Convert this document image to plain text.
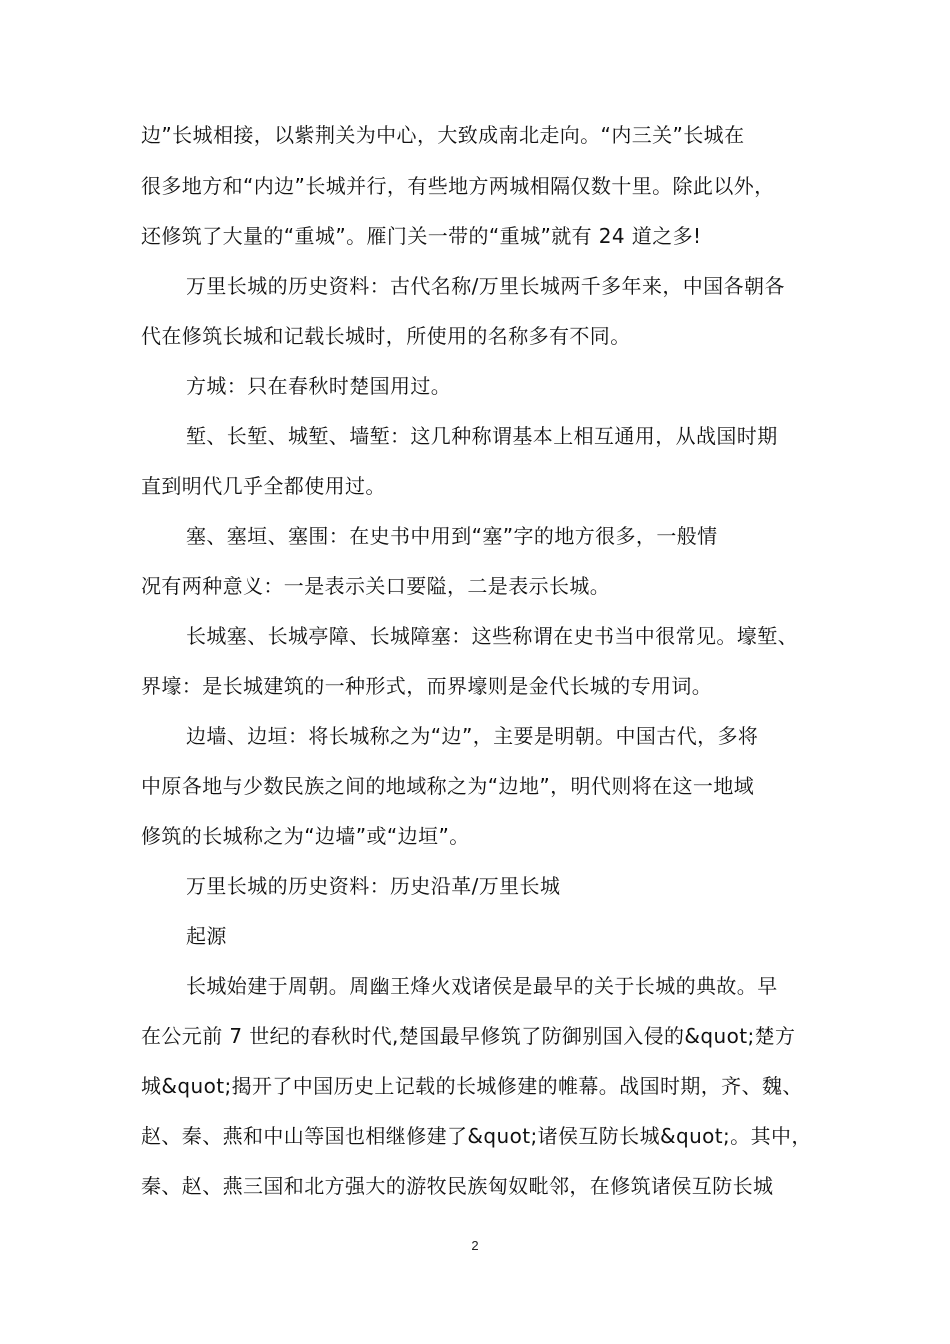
边”长城相接，以紫荆关为中心，大致成南北走向。“内三关”长城在
很多地方和“内边”长城并行，有些地方两城相隔仅数十里。除此以外，
还修筑了大量的“重城”。雁门关一带的“重城”就有 24 道之多!
万里长城的历史资料：古代名称/万里长城两千多年来，中国各朝各
代在修筑长城和记载长城时，所使用的名称多有不同。
方城：只在春秋时楚国用过。
堑、长堑、城堑、墙堑：这几种称谓基本上相互通用，从战国时期
直到明代几乎全都使用过。
塞、塞垣、塞围：在史书中用到“塞”字的地方很多，一般情
况有两种意义：一是表示关口要隘，二是表示长城。
长城塞、长城亭障、长城障塞：这些称谓在史书当中很常见。壕堑、
界壕：是长城建筑的一种形式，而界壕则是金代长城的专用词。
边墙、边垣：将长城称之为“边”，主要是明朝。中国古代，多将
中原各地与少数民族之间的地域称之为“边地”，明代则将在这一地域
修筑的长城称之为“边墙”或“边垣”。
万里长城的历史资料：历史沿革/万里长城
起源
长城始建于周朝。周幽王烽火戏诸侯是最早的关于长城的典故。早
在公元前 7 世纪的春秋时代,楚国最早修筑了防御别国入侵的&quot;楚方
城&quot;揭开了中国历史上记载的长城修建的帷幕。战国时期，齐、魏、
赵、秦、燕和中山等国也相继修建了&quot;诸侯互防长城&quot;。其中，
秦、赵、燕三国和北方强大的游牧民族匈奴毗邻，在修筑诸侯互防长城
2
